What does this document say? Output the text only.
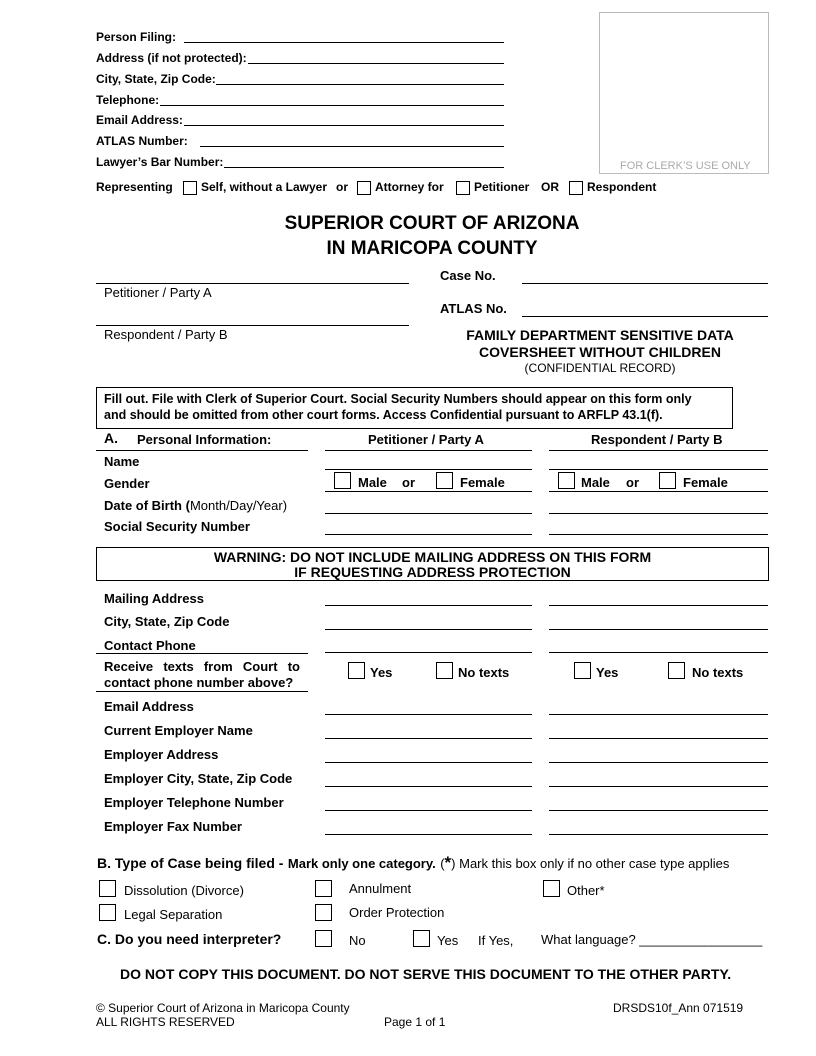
Person Filing:
Address (if not protected):
City, State, Zip Code:
Telephone:
Email Address:
ATLAS Number:
Lawyer’s Bar Number:	FOR CLERK’S USE ONLY
Representing Self, without a Lawyer or Attorney for	Petitioner OR Respondent
SUPERIOR COURT OF ARIZONA
IN MARICOPA COUNTY
Petitioner / Party A
Respondent / Party B
Case No.
ATLAS No.
FAMILY DEPARTMENT SENSITIVE DATA
COVERSHEET WITHOUT CHILDREN
(CONFIDENTIAL RECORD)
Fill out. File with Clerk of Superior Court. Social Security Numbers should appear on this form only
and should be omitted from other court forms. Access Confidential pursuant to ARFLP 43.1(f).
A. Personal Information:	Petitioner / Party A	Respondent / Party B
Name
Gender	Male or	Female	Male or	Female
Date of Birth (Month/Day/Year)
Social Security Number
WARNING: DO NOT INCLUDE MAILING ADDRESS ON THIS FORM
IF REQUESTING ADDRESS PROTECTION
Mailing Address
City, State, Zip Code
Contact Phone
Receive texts from Court to
contact phone number above?
Yes	No texts	Yes	No texts
Email Address
Current Employer Name
Employer Address
Employer City, State, Zip Code
Employer Telephone Number
Employer Fax Number
B. Type of Case being filed - Mark only one category. (*) Mark this box only if no other case type applies
Dissolution (Divorce)	Annulment	Other*
Legal Separation	Order Protection
C. Do you need interpreter?	No	Yes If Yes, What language? _________________
DO NOT COPY THIS DOCUMENT. DO NOT SERVE THIS DOCUMENT TO THE OTHER PARTY.
© Superior Court of Arizona in Maricopa County
ALL RIGHTS RESERVED	Page 1 of 1
DRSDS10f_Ann 071519
